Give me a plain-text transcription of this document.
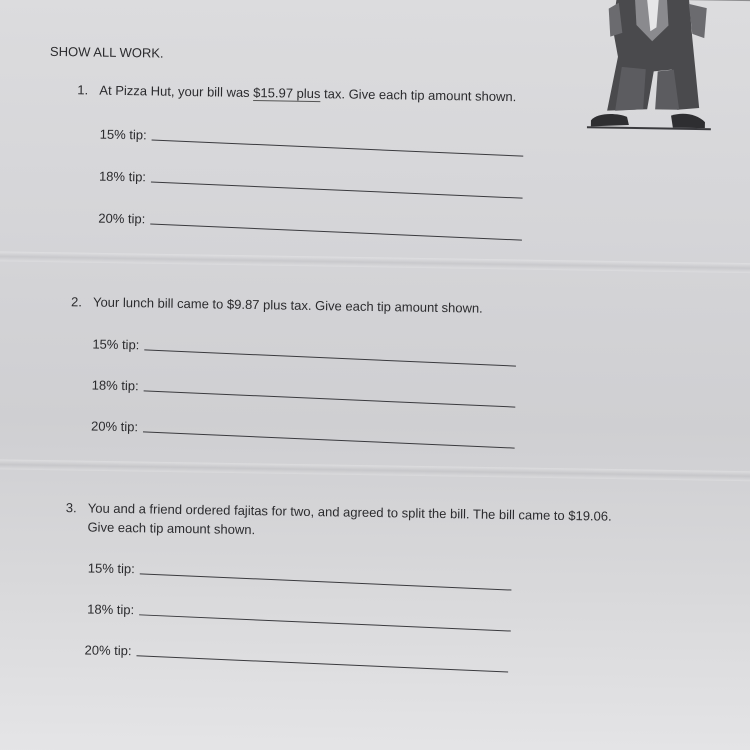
SHOW ALL WORK.
1. At Pizza Hut, your bill was $15.97 plus tax. Give each tip amount shown.
15% tip:
18% tip:
20% tip:
2. Your lunch bill came to $9.87 plus tax. Give each tip amount shown.
15% tip:
18% tip:
20% tip:
3. You and a friend ordered fajitas for two, and agreed to split the bill. The bill came to $19.06.
Give each tip amount shown.
15% tip:
18% tip:
20% tip:
